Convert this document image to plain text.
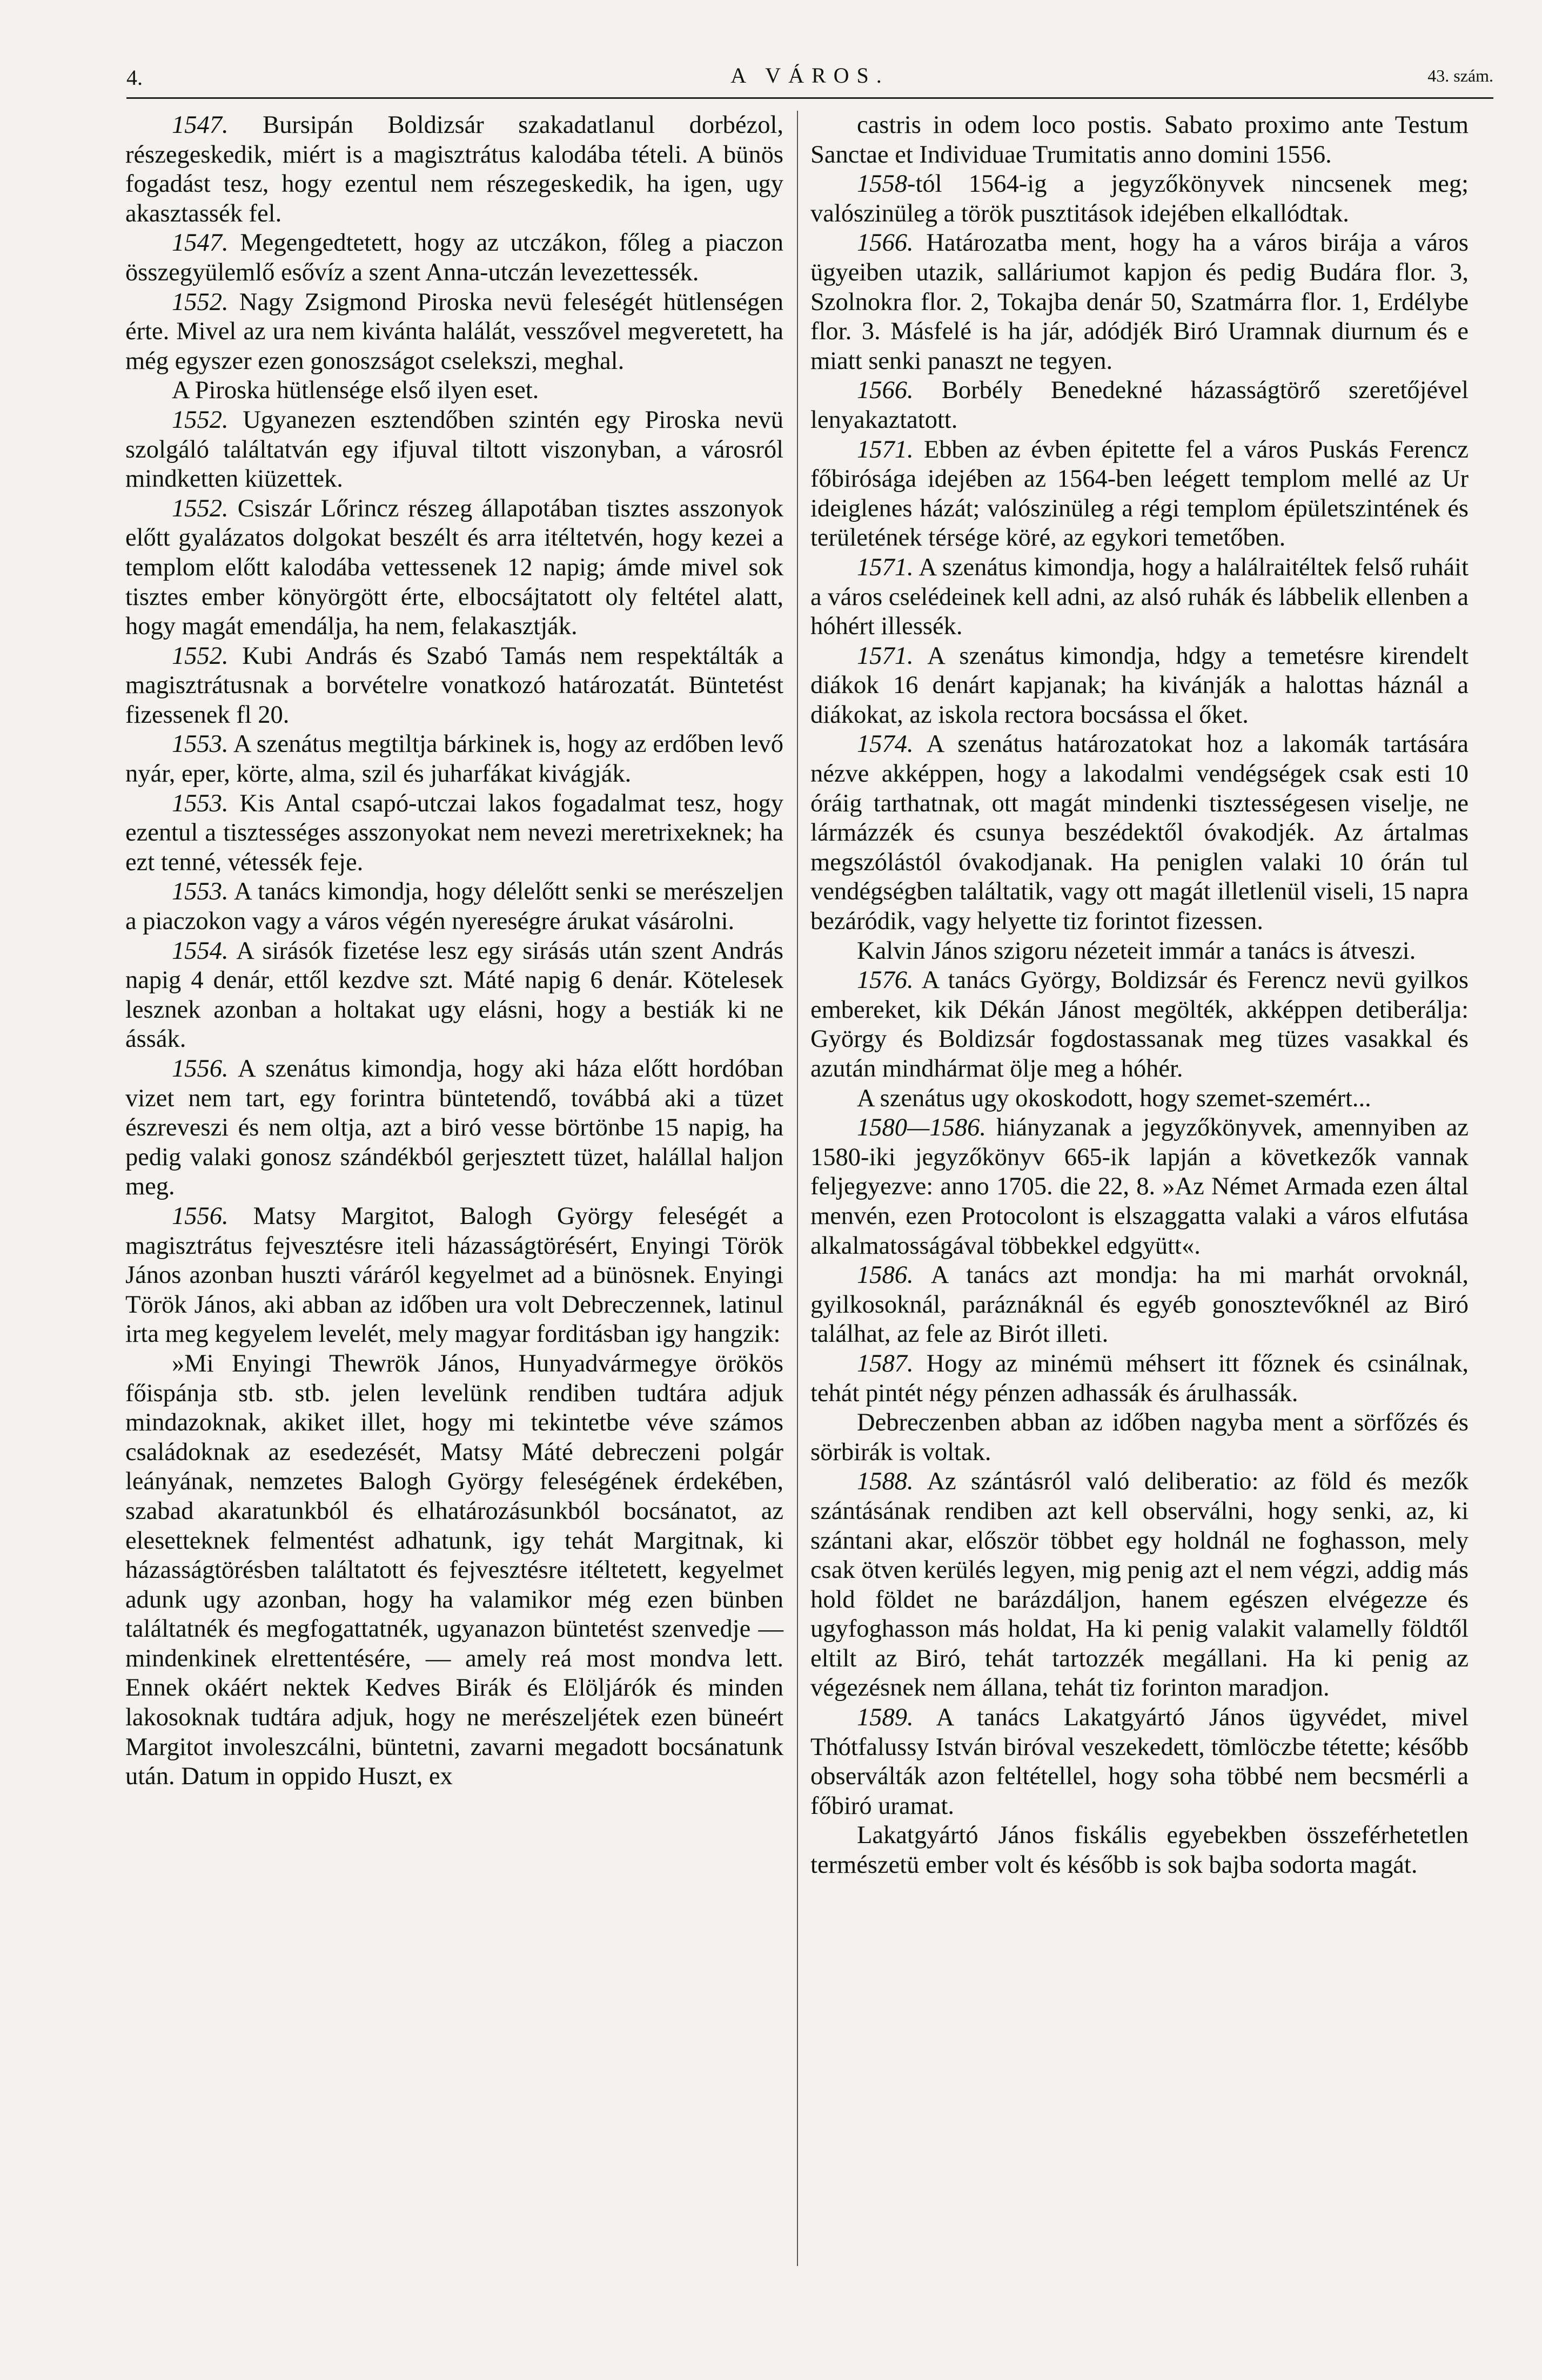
4.	A VÁROS.	43. szám.

1547. Bursipán Boldizsár szakadatlanul dorbézol, részegeskedik, miért is a magisztrátus kalodába tételi. A bünös fogadást tesz, hogy ezentul nem részegeskedik, ha igen, ugy akasztassék fel.

1547. Megengedtetett, hogy az utczákon, főleg a piaczon összegyülemlő esővíz a szent Anna-utczán levezettessék.

1552. Nagy Zsigmond Piroska nevü feleségét hütlenségen érte. Mivel az ura nem kivánta halálát, vesszővel megveretett, ha még egyszer ezen gonoszságot cselekszi, meghal.

A Piroska hütlensége első ilyen eset.

1552. Ugyanezen esztendőben szintén egy Piroska nevü szolgáló találtatván egy ifjuval tiltott viszonyban, a városról mindketten kiüzettek.

1552. Csiszár Lőrincz részeg állapotában tisztes asszonyok előtt gyalázatos dolgokat beszélt és arra itéltetvén, hogy kezei a templom előtt kalodába vettessenek 12 napig; ámde mivel sok tisztes ember könyörgött érte, elbocsájtatott oly feltétel alatt, hogy magát emendálja, ha nem, felakasztják.

1552. Kubi András és Szabó Tamás nem respektálták a magisztrátusnak a borvételre vonatkozó határozatát. Büntetést fizessenek fl 20.

1553. A szenátus megtiltja bárkinek is, hogy az erdőben levő nyár, eper, körte, alma, szil és juharfákat kivágják.

1553. Kis Antal csapó-utczai lakos fogadalmat tesz, hogy ezentul a tisztességes asszonyokat nem nevezi meretrixeknek; ha ezt tenné, vétessék feje.

1553. A tanács kimondja, hogy délelőtt senki se merészeljen a piaczokon vagy a város végén nyereségre árukat vásárolni.

1554. A sirásók fizetése lesz egy sirásás után szent András napig 4 denár, ettől kezdve szt. Máté napig 6 denár. Kötelesek lesznek azonban a holtakat ugy elásni, hogy a bestiák ki ne ássák.

1556. A szenátus kimondja, hogy aki háza előtt hordóban vizet nem tart, egy forintra büntetendő, továbbá aki a tüzet észreveszi és nem oltja, azt a biró vesse börtönbe 15 napig, ha pedig valaki gonosz szándékból gerjesztett tüzet, halállal haljon meg.

1556. Matsy Margitot, Balogh György feleségét a magisztrátus fejvesztésre iteli házasságtörésért, Enyingi Török János azonban huszti váráról kegyelmet ad a bünösnek. Enyingi Török János, aki abban az időben ura volt Debreczennek, latinul irta meg kegyelem levelét, mely magyar forditásban igy hangzik:

»Mi Enyingi Thewrök János, Hunyadvármegye örökös főispánja stb. stb. jelen levelünk rendiben tudtára adjuk mindazoknak, akiket illet, hogy mi tekintetbe véve számos családoknak az esedezését, Matsy Máté debreczeni polgár leányának, nemzetes Balogh György feleségének érdekében, szabad akaratunkból és elhatározásunkból bocsánatot, az elesetteknek felmentést adhatunk, igy tehát Margitnak, ki házasságtörésben találtatott és fejvesztésre itéltetett, kegyelmet adunk ugy azonban, hogy ha valamikor még ezen bünben találtatnék és megfogattatnék, ugyanazon büntetést szenvedje — mindenkinek elrettentésére, — amely reá most mondva lett. Ennek okáért nektek Kedves Birák és Elöljárók és minden lakosoknak tudtára adjuk, hogy ne merészeljétek ezen büneért Margitot involeszcálni, büntetni, zavarni megadott bocsánatunk után. Datum in oppido Huszt, ex

castris in odem loco postis. Sabato proximo ante Testum Sanctae et Individuae Trumitatis anno domini 1556.

1558-tól 1564-ig a jegyzőkönyvek nincsenek meg; valószinüleg a török pusztitások idejében elkallódtak.

1566. Határozatba ment, hogy ha a város birája a város ügyeiben utazik, salláriumot kapjon és pedig Budára flor. 3, Szolnokra flor. 2, Tokajba denár 50, Szatmárra flor. 1, Erdélybe flor. 3. Másfelé is ha jár, adódjék Biró Uramnak diurnum és e miatt senki panaszt ne tegyen.

1566. Borbély Benedekné házasságtörő szeretőjével lenyakaztatott.

1571. Ebben az évben épitette fel a város Puskás Ferencz főbirósága idejében az 1564-ben leégett templom mellé az Ur ideiglenes házát; valószinüleg a régi templom épületszintének és területének térsége köré, az egykori temetőben.

1571. A szenátus kimondja, hogy a halálraitéltek felső ruháit a város cselédeinek kell adni, az alsó ruhák és lábbelik ellenben a hóhért illessék.

1571. A szenátus kimondja, hdgy a temetésre kirendelt diákok 16 denárt kapjanak; ha kivánják a halottas háznál a diákokat, az iskola rectora bocsássa el őket.

1574. A szenátus határozatokat hoz a lakomák tartására nézve akképpen, hogy a lakodalmi vendégségek csak esti 10 óráig tarthatnak, ott magát mindenki tisztességesen viselje, ne lármázzék és csunya beszédektől óvakodjék. Az ártalmas megszólástól óvakodjanak. Ha peniglen valaki 10 órán tul vendégségben találtatik, vagy ott magát illetlenül viseli, 15 napra bezáródik, vagy helyette tiz forintot fizessen.

Kalvin János szigoru nézeteit immár a tanács is átveszi.

1576. A tanács György, Boldizsár és Ferencz nevü gyilkos embereket, kik Dékán Jánost megölték, akképpen detiberálja: György és Boldizsár fogdostassanak meg tüzes vasakkal és azután mindhármat ölje meg a hóhér.

A szenátus ugy okoskodott, hogy szemet-szemért...

1580—1586. hiányzanak a jegyzőkönyvek, amennyiben az 1580-iki jegyzőkönyv 665-ik lapján a következők vannak feljegyezve: anno 1705. die 22, 8. »Az Német Armada ezen által menvén, ezen Protocolont is elszaggatta valaki a város elfutása alkalmatosságával többekkel edgyütt«.

1586. A tanács azt mondja: ha mi marhát orvoknál, gyilkosoknál, paráznáknál és egyéb gonosztevőknél az Biró találhat, az fele az Birót illeti.

1587. Hogy az minémü méhsert itt főznek és csinálnak, tehát pintét négy pénzen adhassák és árulhassák.

Debreczenben abban az időben nagyba ment a sörfőzés és sörbirák is voltak.

1588. Az szántásról való deliberatio: az föld és mezők szántásának rendiben azt kell observálni, hogy senki, az, ki szántani akar, először többet egy holdnál ne foghasson, mely csak ötven kerülés legyen, mig penig azt el nem végzi, addig más hold földet ne barázdáljon, hanem egészen elvégezze és ugyfoghasson más holdat, Ha ki penig valakit valamelly földtől eltilt az Biró, tehát tartozzék megállani. Ha ki penig az végezésnek nem állana, tehát tiz forinton maradjon.

1589. A tanács Lakatgyártó János ügyvédet, mivel Thótfalussy István biróval veszekedett, tömlöczbe tétette; később observálták azon feltétellel, hogy soha többé nem becsmérli a főbiró uramat.

Lakatgyártó János fiskális egyebekben összeférhetetlen természetü ember volt és később is sok bajba sodorta magát.
